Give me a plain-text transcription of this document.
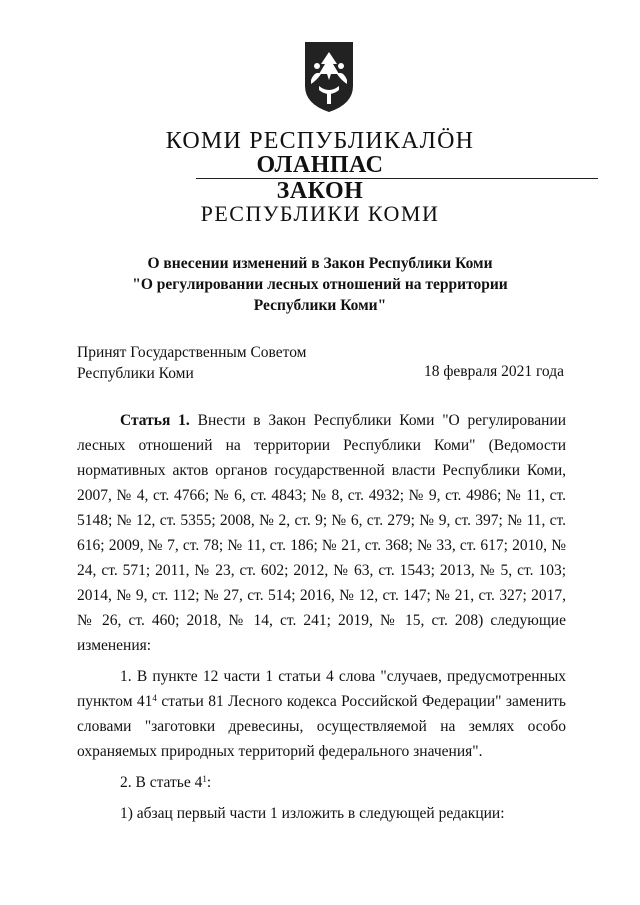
КОМИ РЕСПУБЛИКАЛӦН
ОЛАНПАС
ЗАКОН
РЕСПУБЛИКИ КОМИ
О внесении изменений в Закон Республики Коми
"О регулировании лесных отношений на территории
Республики Коми"
Принят Государственным Советом
Республики Коми	18 февраля 2021 года

Статья 1. Внести в Закон Республики Коми "О регулировании лесных отношений на территории Республики Коми" (Ведомости нормативных актов органов государственной власти Республики Коми, 2007, № 4, ст. 4766; № 6, ст. 4843; № 8, ст. 4932; № 9, ст. 4986; № 11, ст. 5148; № 12, ст. 5355; 2008, № 2, ст. 9; № 6, ст. 279; № 9, ст. 397; № 11, ст. 616; 2009, № 7, ст. 78; № 11, ст. 186; № 21, ст. 368; № 33, ст. 617; 2010, № 24, ст. 571; 2011, № 23, ст. 602; 2012, № 63, ст. 1543; 2013, № 5, ст. 103; 2014, № 9, ст. 112; № 27, ст. 514; 2016, № 12, ст. 147; № 21, ст. 327; 2017, № 26, ст. 460; 2018, № 14, ст. 241; 2019, № 15, ст. 208) следующие изменения:

1. В пункте 12 части 1 статьи 4 слова "случаев, предусмотренных пунктом $41^4$ статьи 81 Лесного кодекса Российской Федерации" заменить словами "заготовки древесины, осуществляемой на землях особо охраняемых природных территорий федерального значения".

2. В статье $4^1$:

1) абзац первый части 1 изложить в следующей редакции:
